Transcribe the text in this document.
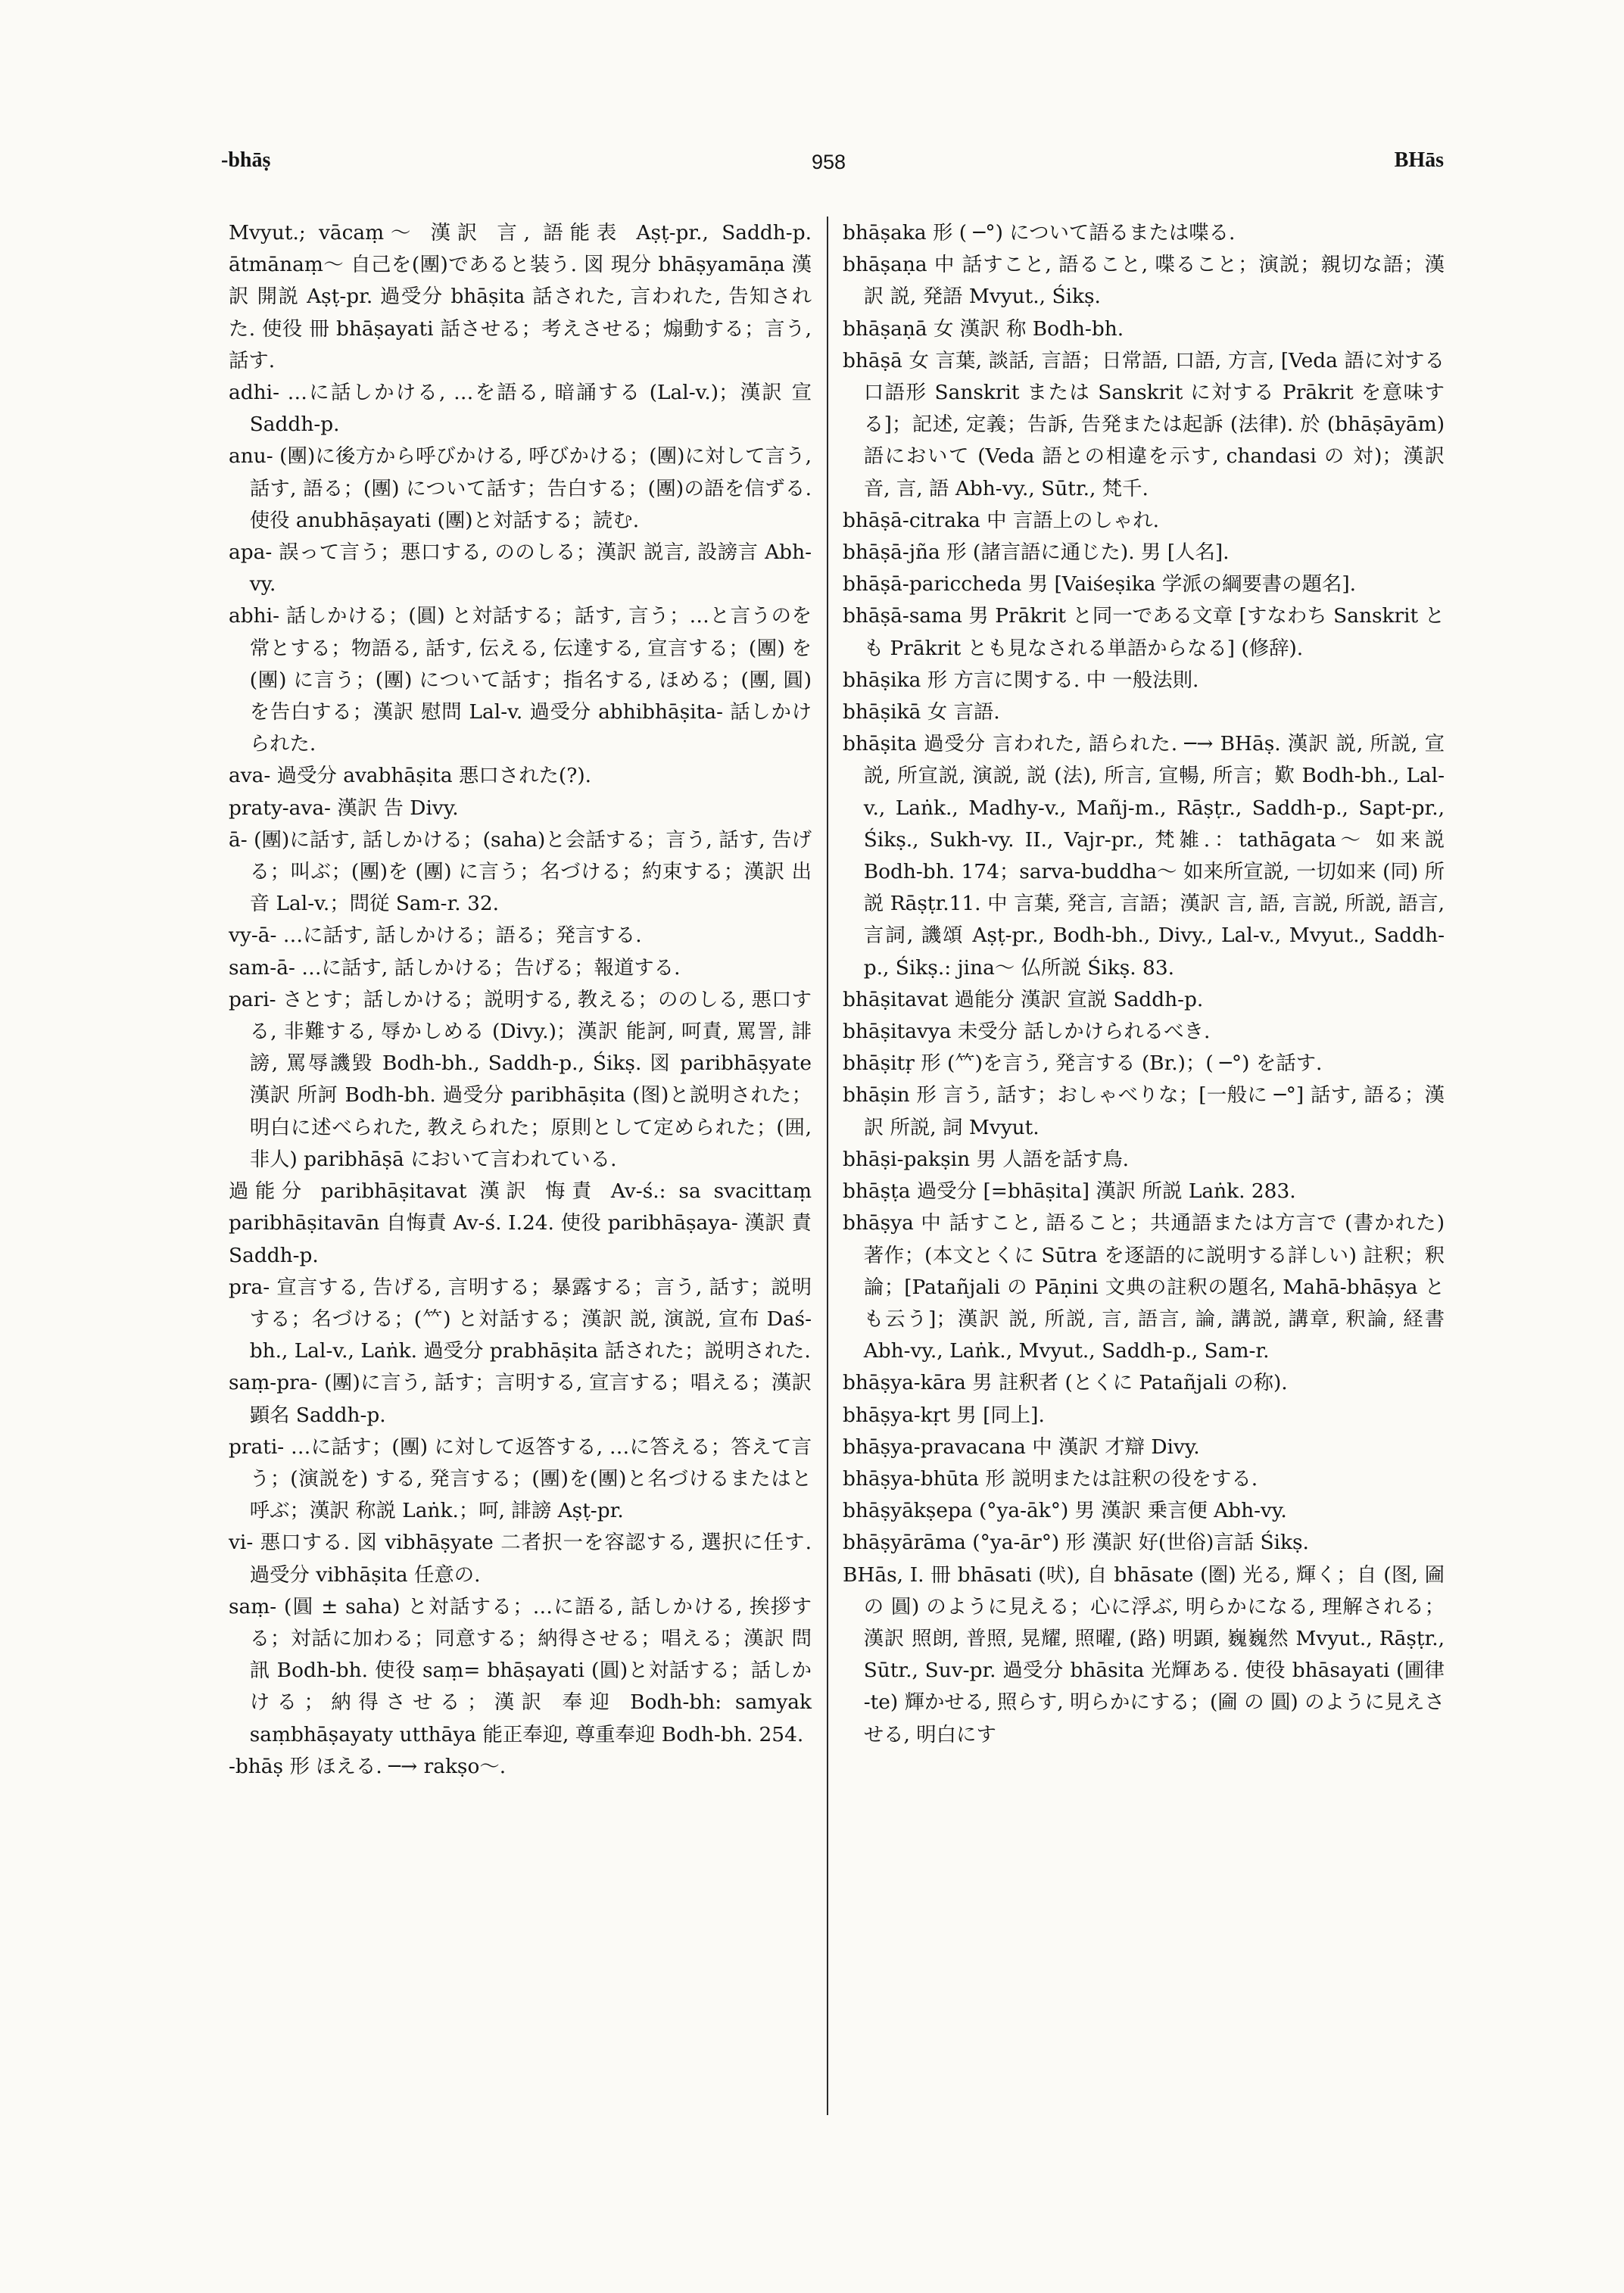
-bhāṣ	958	BHās

Mvyut.; vācaṃ～ 漢訳 言, 語能表 Aṣṭ-pr., Saddh-p. ātmānaṃ～ 自己を(團)であると装う. 図 現分 bhāṣyamāṇa 漢訳 開説 Aṣṭ-pr. 過受分 bhāṣita 話された, 言われた, 告知された. 使役 冊 bhāṣayati 話させる；考えさせる；煽動する；言う, 話す.

adhi- …に話しかける, …を語る, 暗誦する (Lal-v.)；漢訳 宣 Saddh-p.

anu- (團)に後方から呼びかける, 呼びかける；(團)に対して言う, 話す, 語る；(團) について話す；告白する；(團)の語を信ずる. 使役 anubhāṣayati (團)と対話する；読む.

apa- 誤って言う；悪口する, ののしる；漢訳 説言, 設謗言 Abh-vy.

abhi- 話しかける；(圓) と対話する；話す, 言う；…と言うのを常とする；物語る, 話す, 伝える, 伝達する, 宣言する；(團) を (團) に言う；(團) について話す；指名する, ほめる；(團, 圓)を告白する；漢訳 慰問 Lal-v. 過受分 abhibhāṣita- 話しかけられた.

ava- 過受分 avabhāṣita 悪口された(?).

praty-ava- 漢訳 告 Divy.

ā- (團)に話す, 話しかける；(saha)と会話する；言う, 話す, 告げる；叫ぶ；(團)を (團) に言う；名づける；約束する；漢訳 出音 Lal-v.；問従 Sam-r. 32.

vy-ā- …に話す, 話しかける；語る；発言する.

sam-ā- …に話す, 話しかける；告げる；報道する.

pari- さとす；話しかける；説明する, 教える；ののしる, 悪口する, 非難する, 辱かしめる (Divy.)；漢訳 能訶, 呵責, 罵詈, 誹謗, 罵辱譏毀 Bodh-bh., Saddh-p., Śikṣ. 図 paribhāṣyate 漢訳 所訶 Bodh-bh. 過受分 paribhāṣita (图)と説明された；明白に述べられた, 教えられた；原則として定められた；(囲, 非人) paribhāṣā において言われている.

過能分 paribhāṣitavat 漢訳 悔責 Av-ś.: sa svacittaṃ paribhāṣitavān 自悔責 Av-ś. I.24. 使役 paribhāṣaya- 漢訳 責 Saddh-p.

pra- 宣言する, 告げる, 言明する；暴露する；言う, 話す；説明する；名づける；(𥫗) と対話する；漢訳 説, 演説, 宣布 Daś-bh., Lal-v., Laṅk. 過受分 prabhāṣita 話された；説明された.

saṃ-pra- (團)に言う, 話す；言明する, 宣言する；唱える；漢訳 顕名 Saddh-p.

prati- …に話す；(團) に対して返答する, …に答える；答えて言う；(演説を) する, 発言する；(團)を(團)と名づけるまたはと呼ぶ；漢訳 称説 Laṅk.；呵, 誹謗 Aṣṭ-pr.

vi- 悪口する. 図 vibhāṣyate 二者択一を容認する, 選択に任す. 過受分 vibhāṣita 任意の.

saṃ- (圓 ± saha) と対話する；…に語る, 話しかける, 挨拶する；対話に加わる；同意する；納得させる；唱える；漢訳 問訊 Bodh-bh. 使役 saṃ= bhāṣayati (圓)と対話する；話しかける；納得させる；漢訳 奉迎 Bodh-bh: samyak saṃbhāṣayaty utthāya 能正奉迎, 尊重奉迎 Bodh-bh. 254.

-bhāṣ 形 ほえる. ─→ rakṣo～.

bhāṣaka 形 ( ─°) について語るまたは喋る.

bhāṣaṇa 中 話すこと, 語ること, 喋ること；演説；親切な語；漢訳 説, 発語 Mvyut., Śikṣ.

bhāṣaṇā 女 漢訳 称 Bodh-bh.

bhāṣā 女 言葉, 談話, 言語；日常語, 口語, 方言, [Veda 語に対する口語形 Sanskrit または Sanskrit に対する Prākrit を意味する]；記述, 定義；告訴, 告発または起訴 (法律). 於 (bhāṣāyām) 語において (Veda 語との相違を示す, chandasi の 対)；漢訳 音, 言, 語 Abh-vy., Sūtr., 梵千.

bhāṣā-citraka 中 言語上のしゃれ.

bhāṣā-jña 形 (諸言語に通じた). 男 [人名].

bhāṣā-pariccheda 男 [Vaiśeṣika 学派の綱要書の題名].

bhāṣā-sama 男 Prākrit と同一である文章 [すなわち Sanskrit とも Prākrit とも見なされる単語からなる] (修辞).

bhāṣika 形 方言に関する. 中 一般法則.

bhāṣikā 女 言語.

bhāṣita 過受分 言われた, 語られた. ─→ BHāṣ. 漢訳 説, 所説, 宣説, 所宣説, 演説, 説 (法), 所言, 宣暢, 所言；歎 Bodh-bh., Lal-v., Laṅk., Madhy-v., Mañj-m., Rāṣṭr., Saddh-p., Sapt-pr., Śikṣ., Sukh-vy. II., Vajr-pr., 梵雑.：tathāgata～ 如来説 Bodh-bh. 174；sarva-buddha～ 如来所宣説, 一切如来 (同) 所説 Rāṣṭr.11. 中 言葉, 発言, 言語；漢訳 言, 語, 言説, 所説, 語言, 言詞, 譏頌 Aṣṭ-pr., Bodh-bh., Divy., Lal-v., Mvyut., Saddh-p., Śikṣ.: jina～ 仏所説 Śikṣ. 83.

bhāṣitavat 過能分 漢訳 宣説 Saddh-p.

bhāṣitavya 未受分 話しかけられるべき.

bhāṣitṛ 形 (𥫗)を言う, 発言する (Br.)；( ─°) を話す.

bhāṣin 形 言う, 話す；おしゃべりな；[一般に ─°] 話す, 語る；漢訳 所説, 詞 Mvyut.

bhāṣi-pakṣin 男 人語を話す鳥.

bhāṣṭa 過受分 [=bhāṣita] 漢訳 所説 Laṅk. 283.

bhāṣya 中 話すこと, 語ること；共通語または方言で (書かれた) 著作；(本文とくに Sūtra を逐語的に説明する詳しい) 註釈；釈論；[Patañjali の Pāṇini 文典の註釈の題名, Mahā-bhāṣya とも云う]；漢訳 説, 所説, 言, 語言, 論, 講説, 講章, 釈論, 経書 Abh-vy., Laṅk., Mvyut., Saddh-p., Sam-r.

bhāṣya-kāra 男 註釈者 (とくに Patañjali の称).

bhāṣya-kṛt 男 [同上].

bhāṣya-pravacana 中 漢訳 才辯 Divy.

bhāṣya-bhūta 形 説明または註釈の役をする.

bhāṣyākṣepa (°ya-āk°) 男 漢訳 乗言便 Abh-vy.

bhāṣyārāma (°ya-ār°) 形 漢訳 好(世俗)言話 Śikṣ.

BHās, I. 冊 bhāsati (吠), 自 bhāsate (圏) 光る, 輝く；自 (图, 圇 の 圓) のように見える；心に浮ぶ, 明らかになる, 理解される；漢訳 照朗, 普照, 晃耀, 照曜, (路) 明顕, 巍巍然 Mvyut., Rāṣṭr., Sūtr., Suv-pr. 過受分 bhāsita 光輝ある. 使役 bhāsayati (圃律 -te) 輝かせる, 照らす, 明らかにする；(圇 の 圓) のように見えさせる, 明白にす
